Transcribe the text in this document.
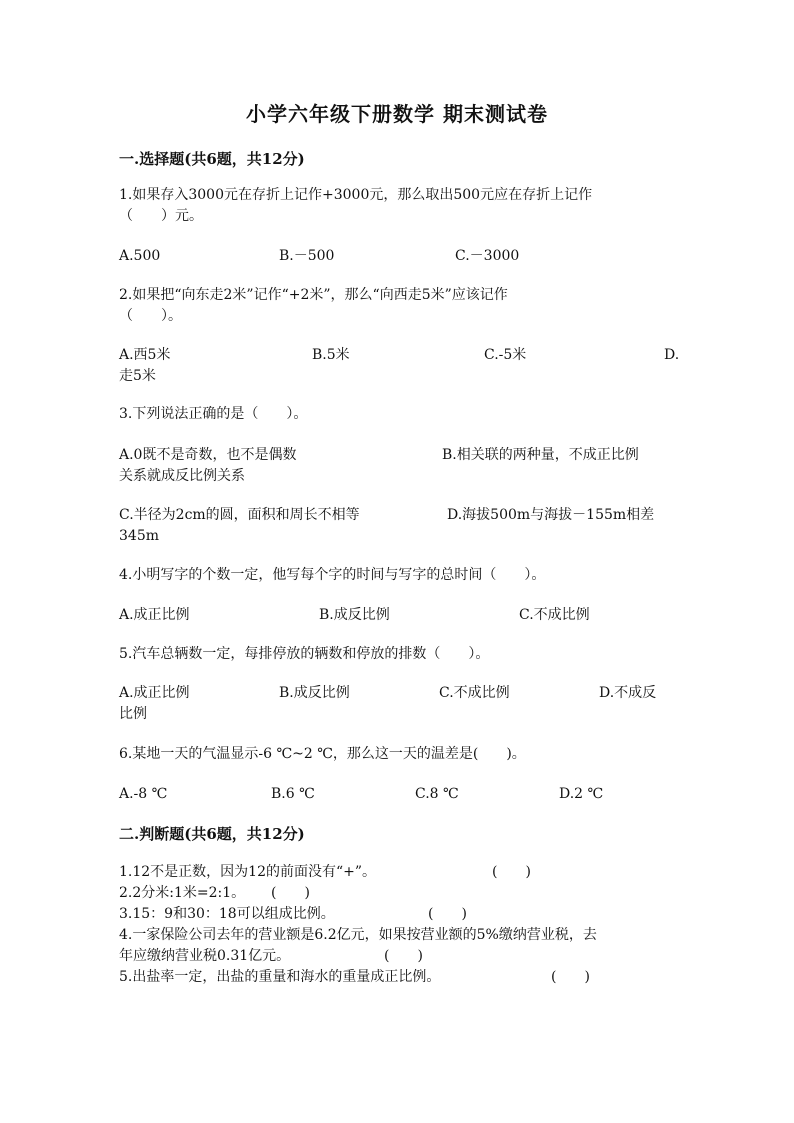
小学六年级下册数学 期末测试卷
一.选择题(共6题，共12分)
1.如果存入3000元在存折上记作+3000元，那么取出500元应在存折上记作
（　　）元。
A.500	B.－500	C.－3000
2.如果把“向东走2米”记作“+2米”，那么“向西走5米”应该记作
（　　）。
A.西5米	B.5米	C.-5米	D.
走5米
3.下列说法正确的是（　　）。
A.0既不是奇数，也不是偶数	B.相关联的两种量，不成正比例
关系就成反比例关系
C.半径为2cm的圆，面积和周长不相等	D.海拔500m与海拔－155m相差
345m
4.小明写字的个数一定，他写每个字的时间与写字的总时间（　　）。
A.成正比例	B.成反比例	C.不成比例
5.汽车总辆数一定，每排停放的辆数和停放的排数（　　）。
A.成正比例	B.成反比例	C.不成比例	D.不成反
比例
6.某地一天的气温显示-6 ℃~2 ℃，那么这一天的温差是(　　)。
A.-8 ℃	B.6 ℃	C.8 ℃	D.2 ℃
二.判断题(共6题，共12分)
1.12不是正数，因为12的前面没有“+”。	(　　)
2.2分米:1米=2:1。 (　　)
3.15：9和30：18可以组成比例。	(　　)
4.一家保险公司去年的营业额是6.2亿元，如果按营业额的5%缴纳营业税，去
年应缴纳营业税0.31亿元。	(　　)
5.出盐率一定，出盐的重量和海水的重量成正比例。	(　　)
